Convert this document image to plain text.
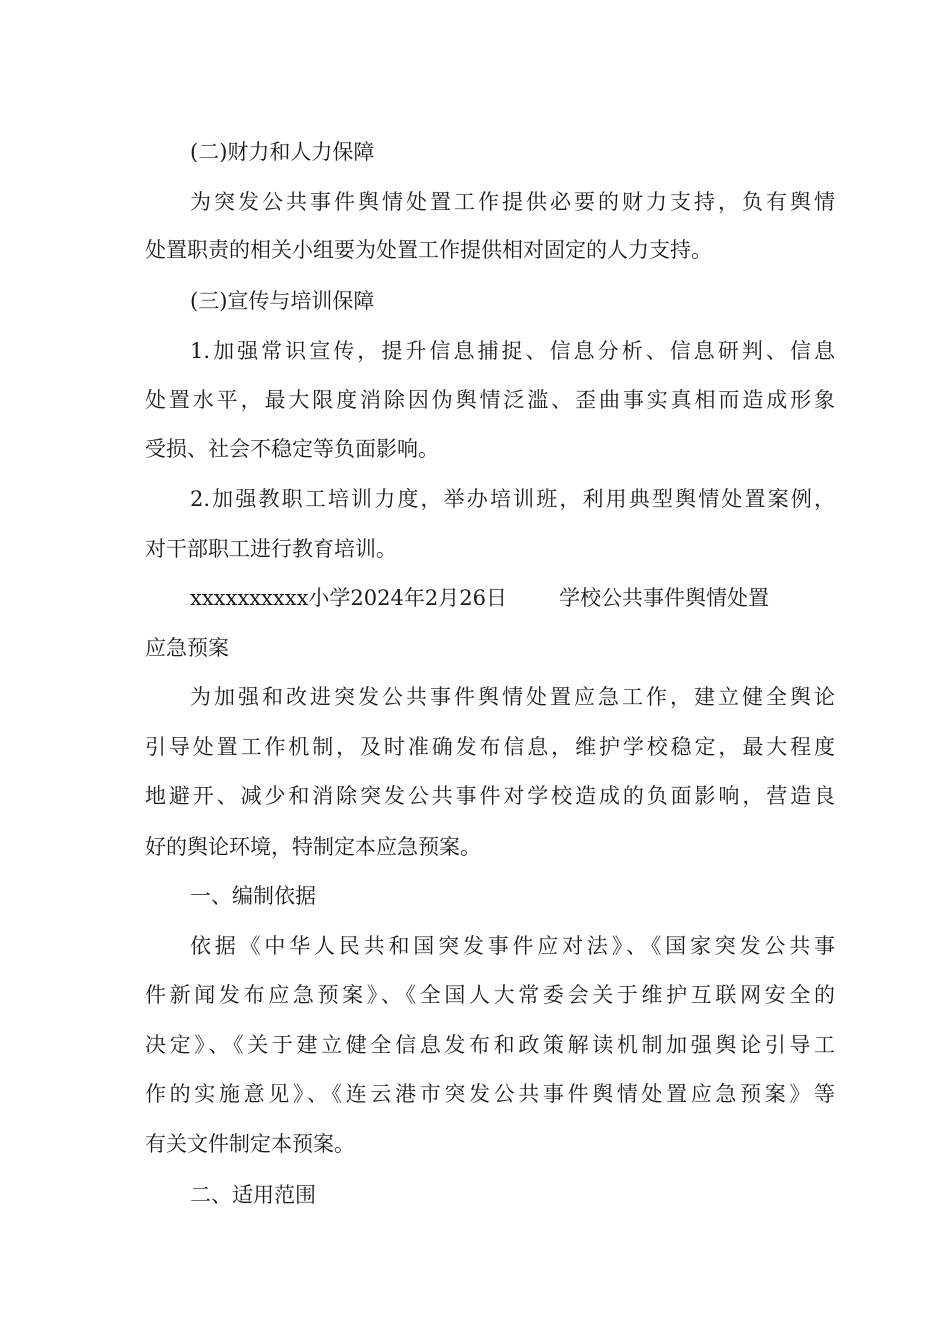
(二)财力和人力保障
为突发公共事件舆情处置工作提供必要的财力支持，负有舆情
处置职责的相关小组要为处置工作提供相对固定的人力支持。
(三)宣传与培训保障
1.加强常识宣传，提升信息捕捉、信息分析、信息研判、信息
处置水平，最大限度消除因伪舆情泛滥、歪曲事实真相而造成形象
受损、社会不稳定等负面影响。
2.加强教职工培训力度，举办培训班，利用典型舆情处置案例，
对干部职工进行教育培训。
xxxxxxxxxx小学2024年2月26日 学校公共事件舆情处置
应急预案
为加强和改进突发公共事件舆情处置应急工作，建立健全舆论
引导处置工作机制，及时准确发布信息，维护学校稳定，最大程度
地避开、减少和消除突发公共事件对学校造成的负面影响，营造良
好的舆论环境，特制定本应急预案。
一、编制依据
依据《中华人民共和国突发事件应对法》、《国家突发公共事
件新闻发布应急预案》、《全国人大常委会关于维护互联网安全的
决定》、《关于建立健全信息发布和政策解读机制加强舆论引导工
作的实施意见》、《连云港市突发公共事件舆情处置应急预案》等
有关文件制定本预案。
二、适用范围
